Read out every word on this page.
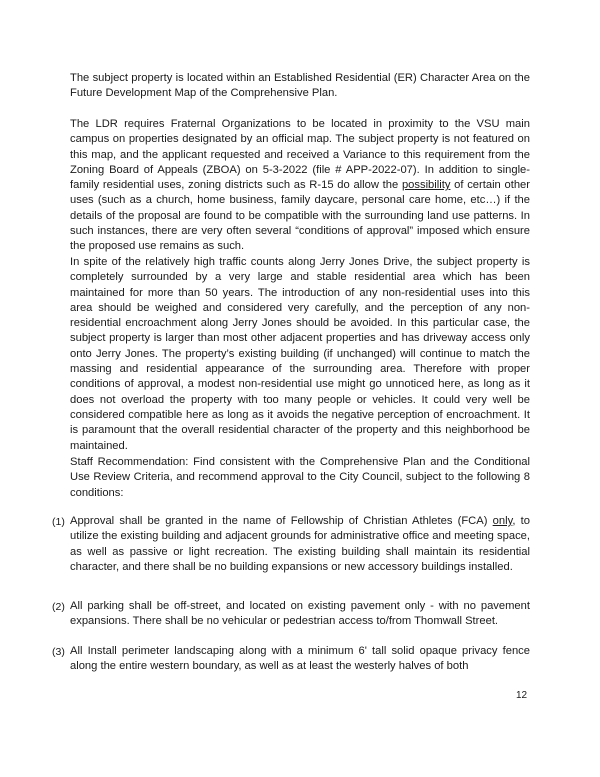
The subject property is located within an Established Residential (ER) Character Area on the Future Development Map of the Comprehensive Plan.

The LDR requires Fraternal Organizations to be located in proximity to the VSU main campus on properties designated by an official map. The subject property is not featured on this map, and the applicant requested and received a Variance to this requirement from the Zoning Board of Appeals (ZBOA) on 5-3-2022 (file # APP-2022-07). In addition to single-family residential uses, zoning districts such as R-15 do allow the possibility of certain other uses (such as a church, home business, family daycare, personal care home, etc…) if the details of the proposal are found to be compatible with the surrounding land use patterns. In such instances, there are very often several “conditions of approval” imposed which ensure the proposed use remains as such.

In spite of the relatively high traffic counts along Jerry Jones Drive, the subject property is completely surrounded by a very large and stable residential area which has been maintained for more than 50 years. The introduction of any non-residential uses into this area should be weighed and considered very carefully, and the perception of any non-residential encroachment along Jerry Jones should be avoided. In this particular case, the subject property is larger than most other adjacent properties and has driveway access only onto Jerry Jones. The property’s existing building (if unchanged) will continue to match the massing and residential appearance of the surrounding area. Therefore with proper conditions of approval, a modest non-residential use might go unnoticed here, as long as it does not overload the property with too many people or vehicles. It could very well be considered compatible here as long as it avoids the negative perception of encroachment. It is paramount that the overall residential character of the property and this neighborhood be maintained.

Staff Recommendation: Find consistent with the Comprehensive Plan and the Conditional Use Review Criteria, and recommend approval to the City Council, subject to the following 8 conditions:

(1) Approval shall be granted in the name of Fellowship of Christian Athletes (FCA) only, to utilize the existing building and adjacent grounds for administrative office and meeting space, as well as passive or light recreation. The existing building shall maintain its residential character, and there shall be no building expansions or new accessory buildings installed.

(2) All parking shall be off-street, and located on existing pavement only - with no pavement expansions. There shall be no vehicular or pedestrian access to/from Thomwall Street.

(3) All Install perimeter landscaping along with a minimum 6' tall solid opaque privacy fence along the entire western boundary, as well as at least the westerly halves of both

12
